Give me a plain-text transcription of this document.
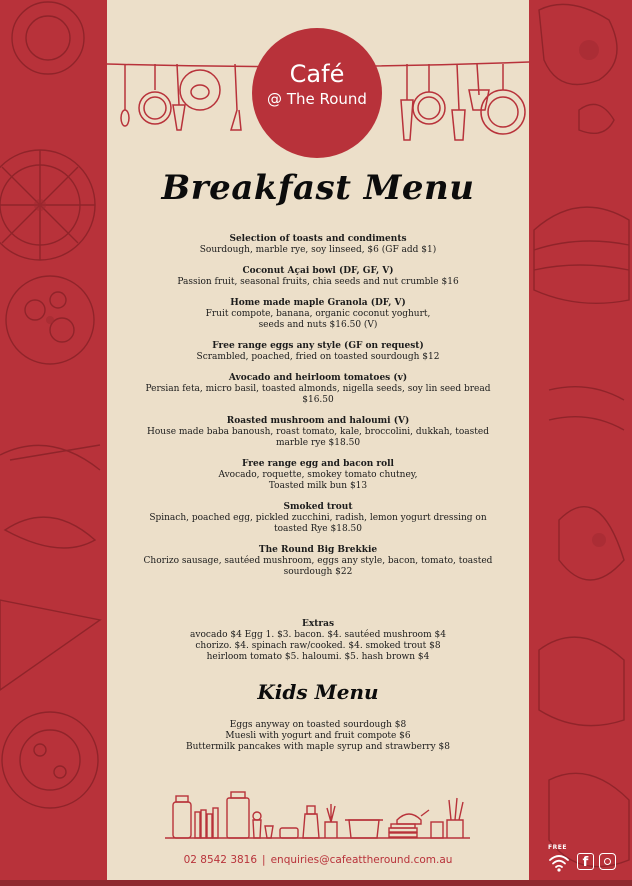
Café
@ The Round
Breakfast Menu
Selection of toasts and condiments
Sourdough, marble rye, soy linseed, $6 (GF add $1)
Coconut Açai bowl (DF, GF, V)
Passion fruit, seasonal fruits, chia seeds and nut crumble $16
Home made maple Granola (DF, V)
Fruit compote, banana, organic coconut yoghurt,
seeds and nuts $16.50 (V)
Free range eggs any style (GF on request)
Scrambled, poached, fried on toasted sourdough $12
Avocado and heirloom tomatoes (v)
Persian feta, micro basil, toasted almonds, nigella seeds, soy lin seed bread
$16.50
Roasted mushroom and haloumi (V)
House made baba banoush, roast tomato, kale, broccolini, dukkah, toasted
marble rye $18.50
Free range egg and bacon roll
Avocado, roquette, smokey tomato chutney,
Toasted milk bun $13
Smoked trout
Spinach, poached egg, pickled zucchini, radish, lemon yogurt dressing on
toasted Rye $18.50
The Round Big Brekkie
Chorizo sausage, sautéed mushroom, eggs any style, bacon, tomato, toasted
sourdough $22
Extras
avocado $4 Egg 1. $3. bacon. $4. sautéed mushroom $4
chorizo. $4. spinach raw/cooked. $4. smoked trout $8
heirloom tomato $5. haloumi. $5. hash brown $4
Kids Menu
Eggs anyway on toasted sourdough $8
Muesli with yogurt and fruit compote $6
Buttermilk pancakes with maple syrup and strawberry $8
02 8542 3816 | enquiries@cafeattheround.com.au
FREE
f
